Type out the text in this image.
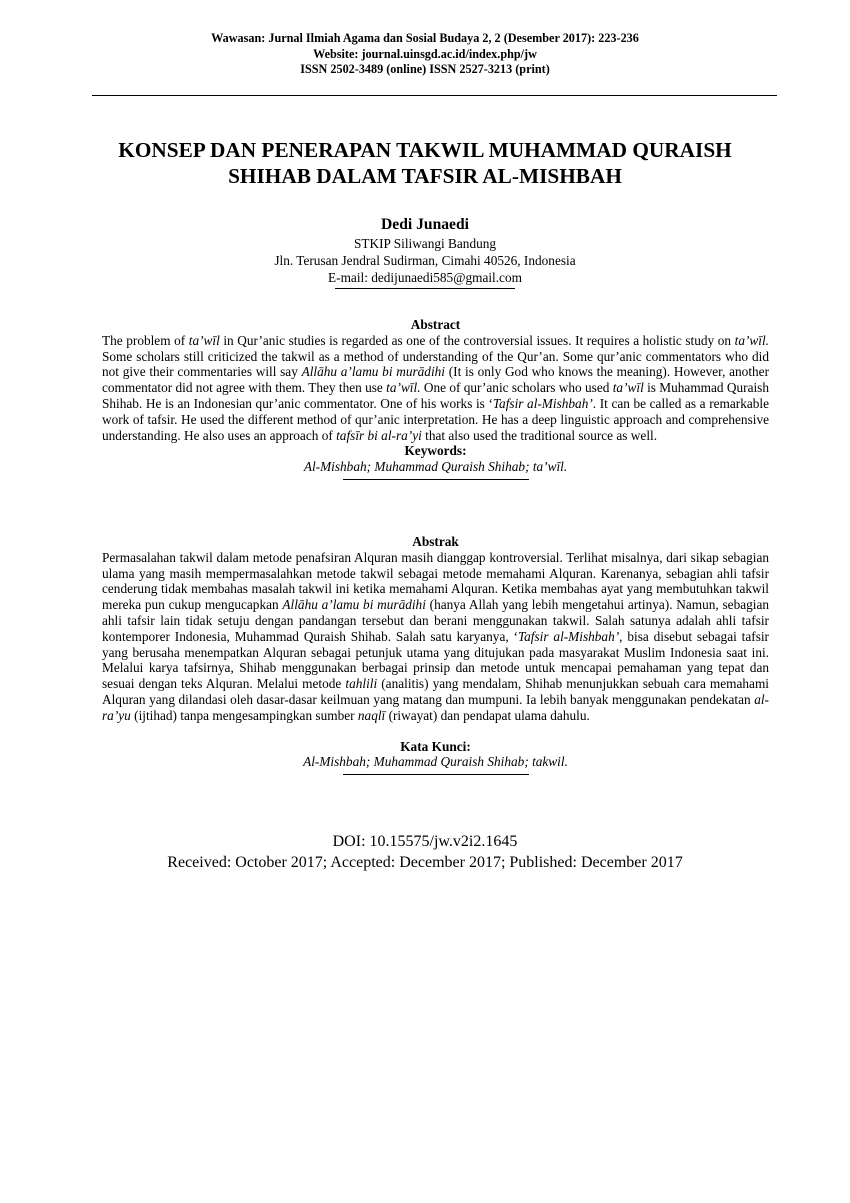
Wawasan: Jurnal Ilmiah Agama dan Sosial Budaya 2, 2 (Desember 2017): 223-236
Website: journal.uinsgd.ac.id/index.php/jw
ISSN 2502-3489 (online) ISSN 2527-3213 (print)
KONSEP DAN PENERAPAN TAKWIL MUHAMMAD QURAISH
SHIHAB DALAM TAFSIR AL-MISHBAH
Dedi Junaedi
STKIP Siliwangi Bandung
Jln. Terusan Jendral Sudirman, Cimahi 40526, Indonesia
E-mail: dedijunaedi585@gmail.com
Abstract
The problem of ta’wīl in Qur’anic studies is regarded as one of the controversial issues. It requires a holistic study on ta’wīl. Some scholars still criticized the takwil as a method of understanding of the Qur’an. Some qur’anic commentators who did not give their commentaries will say Allāhu a’lamu bi murādihi (It is only God who knows the meaning). However, another commentator did not agree with them. They then use ta’wīl. One of qur’anic scholars who used ta’wīl is Muhammad Quraish Shihab. He is an Indonesian qur’anic commentator. One of his works is ‘Tafsir al-Mishbah’. It can be called as a remarkable work of tafsir. He used the different method of qur’anic interpretation. He has a deep linguistic approach and comprehensive understanding. He also uses an approach of tafsīr bi al-ra’yi that also used the traditional source as well.
Keywords:
Al-Mishbah; Muhammad Quraish Shihab; ta’wīl.
Abstrak
Permasalahan takwil dalam metode penafsiran Alquran masih dianggap kontroversial. Terlihat misalnya, dari sikap sebagian ulama yang masih mempermasalahkan metode takwil sebagai metode memahami Alquran. Karenanya, sebagian ahli tafsir cenderung tidak membahas masalah takwil ini ketika memahami Alquran. Ketika membahas ayat yang membutuhkan takwil mereka pun cukup mengucapkan Allāhu a’lamu bi murādihi (hanya Allah yang lebih mengetahui artinya). Namun, sebagian ahli tafsir lain tidak setuju dengan pandangan tersebut dan berani menggunakan takwil. Salah satunya adalah ahli tafsir kontemporer Indonesia, Muhammad Quraish Shihab. Salah satu karyanya, ‘Tafsir al-Mishbah’, bisa disebut sebagai tafsir yang berusaha menempatkan Alquran sebagai petunjuk utama yang ditujukan pada masyarakat Muslim Indonesia saat ini. Melalui karya tafsirnya, Shihab menggunakan berbagai prinsip dan metode untuk mencapai pemahaman yang tepat dan sesuai dengan teks Alquran. Melalui metode tahlili (analitis) yang mendalam, Shihab menunjukkan sebuah cara memahami Alquran yang dilandasi oleh dasar-dasar keilmuan yang matang dan mumpuni. Ia lebih banyak menggunakan pendekatan al-ra’yu (ijtihad) tanpa mengesampingkan sumber naqlī (riwayat) dan pendapat ulama dahulu.
Kata Kunci:
Al-Mishbah; Muhammad Quraish Shihab; takwil.
DOI: 10.15575/jw.v2i2.1645
Received: October 2017; Accepted: December 2017; Published: December 2017
